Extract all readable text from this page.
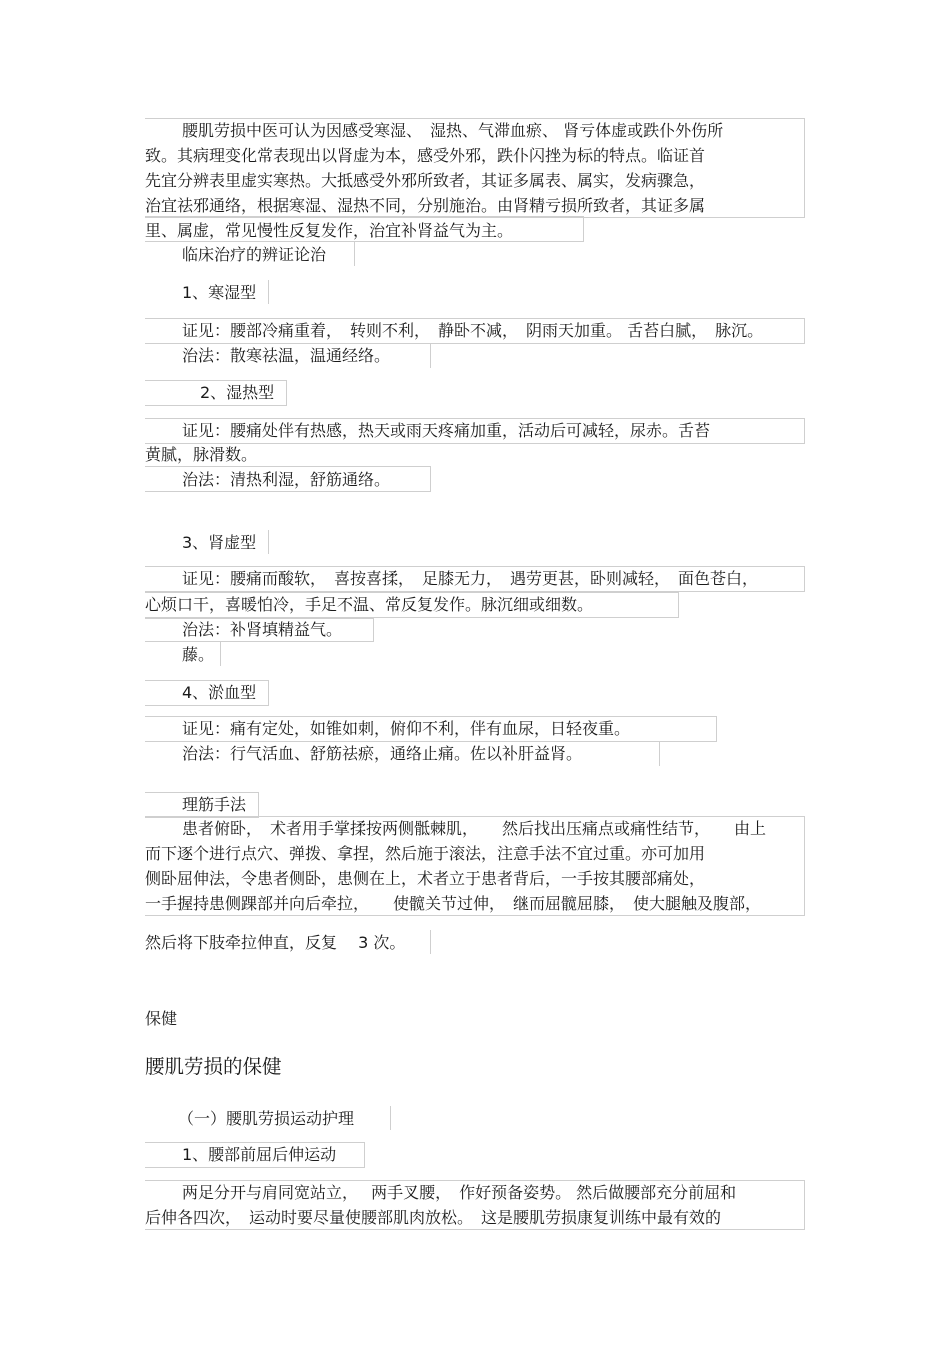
腰肌劳损中医可认为因感受寒湿、　湿热、气滞血瘀、 肾亏体虚或跌仆外伤所
致。其病理变化常表现出以肾虚为本，感受外邪，跌仆闪挫为标的特点。临证首
先宜分辨表里虚实寒热。大抵感受外邪所致者，其证多属表、属实，发病骤急，
治宜祛邪通络，根据寒湿、湿热不同，分别施治。由肾精亏损所致者，其证多属
里、属虚，常见慢性反复发作，治宜补肾益气为主。
临床治疗的辨证论治
1、寒湿型
证见：腰部冷痛重着，　转则不利，　静卧不减，　阴雨天加重。 舌苔白腻，　脉沉。
治法：散寒祛温，温通经络。
2、湿热型
证见：腰痛处伴有热感，热天或雨天疼痛加重，活动后可减轻，尿赤。舌苔
黄腻，脉滑数。
治法：清热利湿，舒筋通络。
3、肾虚型
证见：腰痛而酸软，　喜按喜揉，　足膝无力，　遇劳更甚，卧则减轻，　面色苍白，
心烦口干，喜暖怕冷，手足不温、常反复发作。脉沉细或细数。
治法：补肾填精益气。
藤。
4、淤血型
证见：痛有定处，如锥如刺，俯仰不利，伴有血尿，日轻夜重。
治法：行气活血、舒筋祛瘀，通络止痛。佐以补肝益肾。
理筋手法
患者俯卧，　术者用手掌揉按两侧骶棘肌，　　然后找出压痛点或痛性结节，　　由上
而下逐个进行点穴、弹拨、拿捏，然后施于滚法，注意手法不宜过重。亦可加用
侧卧屈伸法，令患者侧卧，患侧在上，术者立于患者背后，一手按其腰部痛处，
一手握持患侧踝部并向后牵拉，　　使髋关节过伸，　继而屈髋屈膝，　使大腿触及腹部，
然后将下肢牵拉伸直，反复　 3 次。
保健
腰肌劳损的保健
（一）腰肌劳损运动护理
1、腰部前屈后伸运动
两足分开与肩同宽站立，　 两手叉腰，　作好预备姿势。 然后做腰部充分前屈和
后伸各四次，　运动时要尽量使腰部肌肉放松。　这是腰肌劳损康复训练中最有效的
